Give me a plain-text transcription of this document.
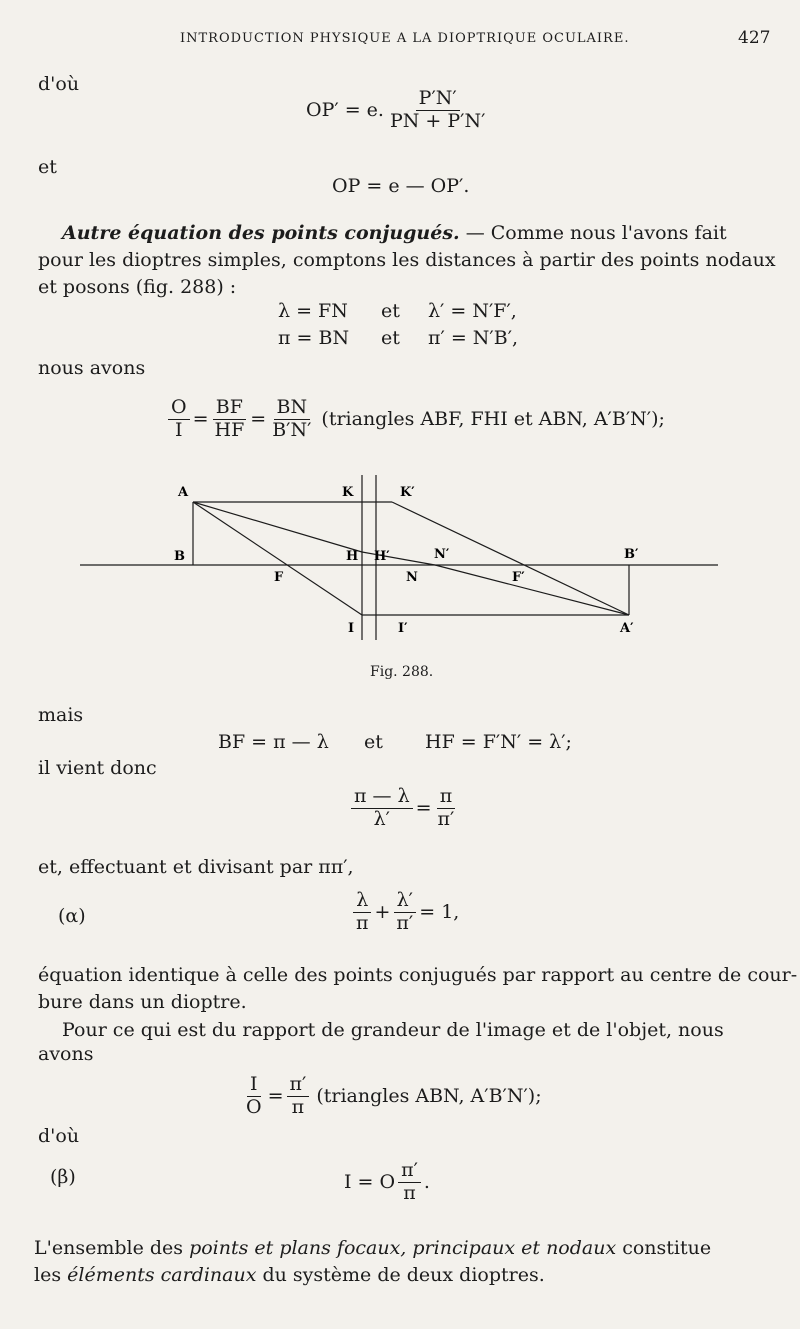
INTRODUCTION PHYSIQUE A LA DIOPTRIQUE OCULAIRE.	427
d'où
OP′ = e. $\frac{P'N'}{PN + P'N'}$
et
OP = e — OP′.
Autre équation des points conjugués. — Comme nous l'avons fait
pour les dioptres simples, comptons les distances à partir des points nodaux
et posons (fig. 288) :
λ = FN et λ′ = N′F′,
π = BN et π′ = N′B′,
nous avons
$\frac{O}{I} = \frac{BF}{HF} = \frac{BN}{B'N'}$ (triangles ABF, FHI et ABN, A′B′N′);
A	K	K′
B	H H′	N′	B′
F	N	F′
I	I′	A′
Fig. 288.
mais
BF = π — λ et HF = F′N′ = λ′;
il vient donc
$\frac{\pi — \lambda}{\lambda'} = \frac{\pi}{\pi'}$
et, effectuant et divisant par ππ′,
(α)	$\frac{\lambda}{\pi} + \frac{\lambda'}{\pi'} = 1$,
équation identique à celle des points conjugués par rapport au centre de cour-
bure dans un dioptre.
Pour ce qui est du rapport de grandeur de l'image et de l'objet, nous
avons
$\frac{I}{O} = \frac{\pi'}{\pi}$ (triangles ABN, A′B′N′);
d'où
(β)	I = O $\frac{\pi'}{\pi}$ .
L'ensemble des points et plans focaux, principaux et nodaux constitue
les éléments cardinaux du système de deux dioptres.
